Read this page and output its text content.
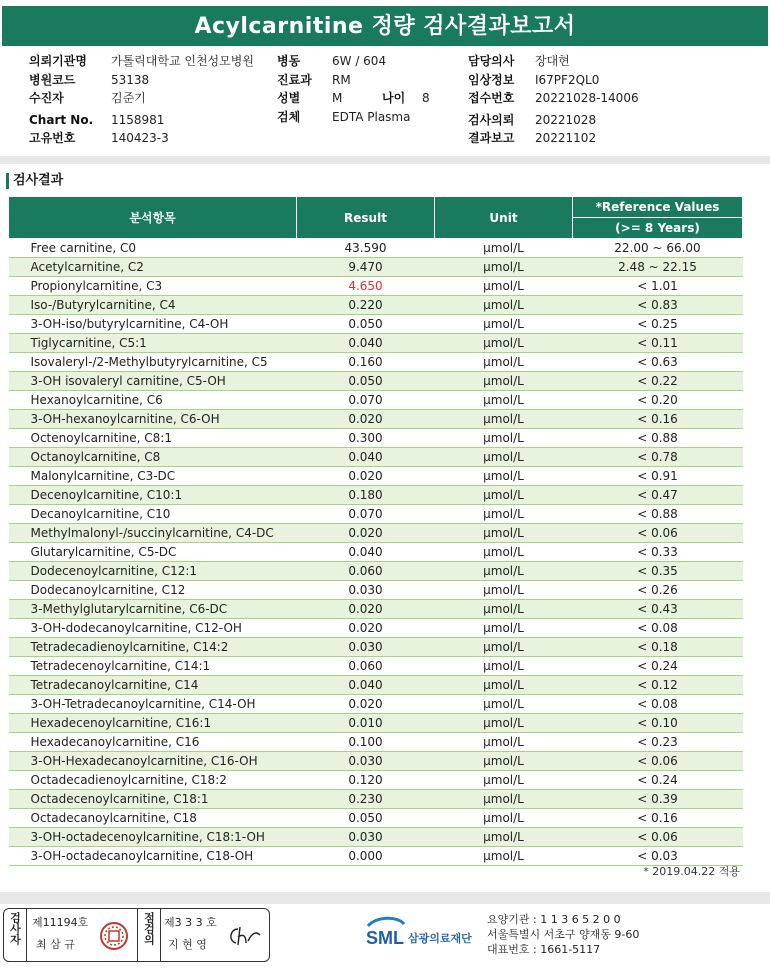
Acylcarnitine 정량 검사결과보고서
의뢰기관명 가톨릭대학교 인천성모병원
병원코드	53138
수진자	김준기
Chart No. 1158981
고유번호	140423-3
병동	6W / 604
진료과 RM
성별	M	나이 8
검체	EDTA Plasma
담당의사 장대현
임상정보 I67PF2QL0
접수번호 20221028-14006
검사의뢰 20221028
결과보고 20221102
검사결과
분석항목	Result	Unit	*Reference Values
			(>= 8 Years)
Free carnitine, C0	43.590	μmol/L	22.00 ~ 66.00
Acetylcarnitine, C2	9.470	μmol/L	2.48 ~ 22.15
Propionylcarnitine, C3	4.650	μmol/L	< 1.01
Iso-/Butyrylcarnitine, C4	0.220	μmol/L	< 0.83
3-OH-iso/butyrylcarnitine, C4-OH	0.050	μmol/L	< 0.25
Tiglycarnitine, C5:1	0.040	μmol/L	< 0.11
Isovaleryl-/2-Methylbutyrylcarnitine, C5	0.160	μmol/L	< 0.63
3-OH isovaleryl carnitine, C5-OH	0.050	μmol/L	< 0.22
Hexanoylcarnitine, C6	0.070	μmol/L	< 0.20
3-OH-hexanoylcarnitine, C6-OH	0.020	μmol/L	< 0.16
Octenoylcarnitine, C8:1	0.300	μmol/L	< 0.88
Octanoylcarnitine, C8	0.040	μmol/L	< 0.78
Malonylcarnitine, C3-DC	0.020	μmol/L	< 0.91
Decenoylcarnitine, C10:1	0.180	μmol/L	< 0.47
Decanoylcarnitine, C10	0.070	μmol/L	< 0.88
Methylmalonyl-/succinylcarnitine, C4-DC	0.020	μmol/L	< 0.06
Glutarylcarnitine, C5-DC	0.040	μmol/L	< 0.33
Dodecenoylcarnitine, C12:1	0.060	μmol/L	< 0.35
Dodecanoylcarnitine, C12	0.030	μmol/L	< 0.26
3-Methylglutarylcarnitine, C6-DC	0.020	μmol/L	< 0.43
3-OH-dodecanoylcarnitine, C12-OH	0.020	μmol/L	< 0.08
Tetradecadienoylcarnitine, C14:2	0.030	μmol/L	< 0.18
Tetradecenoylcarnitine, C14:1	0.060	μmol/L	< 0.24
Tetradecanoylcarnitine, C14	0.040	μmol/L	< 0.12
3-OH-Tetradecanoylcarnitine, C14-OH	0.020	μmol/L	< 0.08
Hexadecenoylcarnitine, C16:1	0.010	μmol/L	< 0.10
Hexadecanoylcarnitine, C16	0.100	μmol/L	< 0.23
3-OH-Hexadecanoylcarnitine, C16-OH	0.030	μmol/L	< 0.06
Octadecadienoylcarnitine, C18:2	0.120	μmol/L	< 0.24
Octadecenoylcarnitine, C18:1	0.230	μmol/L	< 0.39
Octadecanoylcarnitine, C18	0.050	μmol/L	< 0.16
3-OH-octadecenoylcarnitine, C18:1-OH	0.030	μmol/L	< 0.06
3-OH-octadecanoylcarnitine, C18-OH	0.000	μmol/L	< 0.03
* 2019.04.22 적용
검사자 제11194호
최 삼 규	점검의 제3 3 3 호
지 현 영	SML 삼광의료재단
요양기관 : 1 1 3 6 5 2 0 0
서울특별시 서초구 양재동 9-60
대표번호 : 1661-5117
